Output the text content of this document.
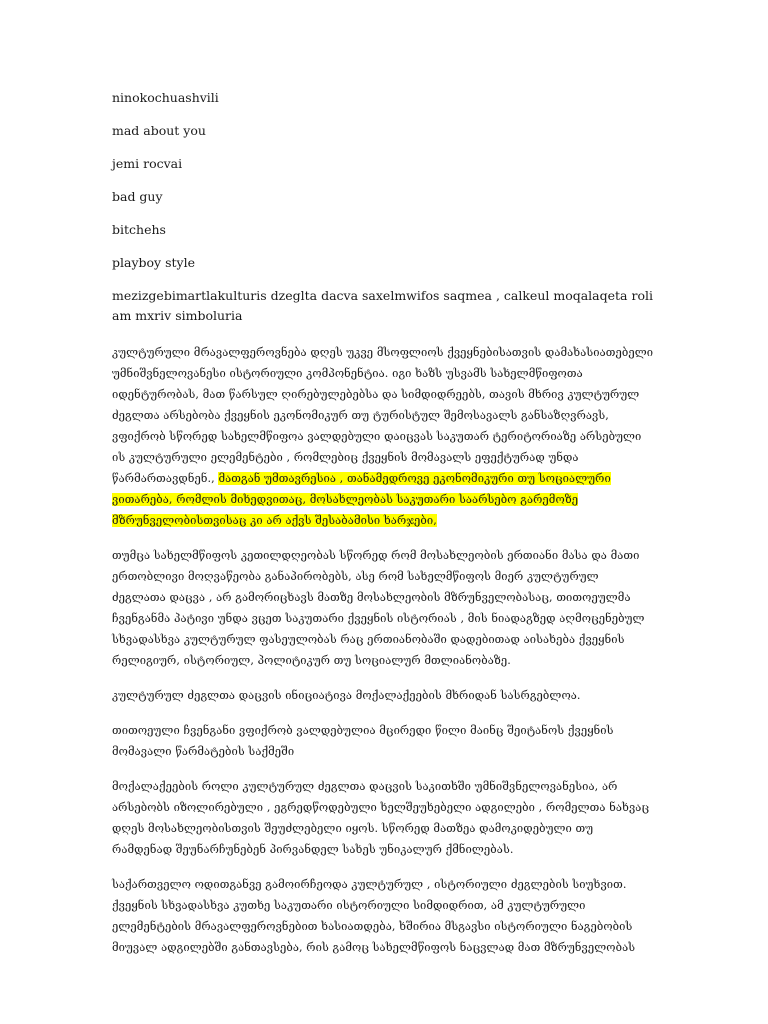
ninokochuashvili

mad about you

jemi rocvai

bad guy

bitchehs

playboy style

mezizgebimartlakulturis dzeglta dacva saxelmwifos saqmea , calkeul moqalaqeta roli am mxriv simboluria

კულტურული მრავალფეროვნება დღეს უკვე მსოფლიოს ქვეყნებისათვის დამახასიათებელი უმნიშვნელოვანესი ისტორიული კომპონენტია. იგი ხაზს უსვამს სახელმწიფოთა იდენტურობას, მათ წარსულ ღირებულებებსა და სიმდიდრეებს, თავის მხრივ კულტურულ ძეგლთა არსებობა ქვეყნის ეკონომიკურ თუ ტურისტულ შემოსავალს განსაზღვრავს, ვფიქრობ სწორედ სახელმწიფოა ვალდებული დაიცვას საკუთარ ტერიტორიაზე არსებული ის კულტურული ელემენტები , რომლებიც ქვეყნის მომავალს ეფექტურად უნდა წარმართავდნენ., მათგან უმთავრესია , თანამედროვე ეკონომიკური თუ სოციალური ვითარება, რომლის მიხედვითაც, მოსახლეობას საკუთარი საარსებო გარემოზე მზრუნველობისთვისაც კი არ აქვს შესაბამისი ხარჯები,

თუმცა სახელმწიფოს კეთილდღეობას სწორედ რომ მოსახლეობის ერთიანი მასა და მათი ერთობლივი მოღვაწეობა განაპირობებს, ასე რომ სახელმწიფოს მიერ კულტურულ ძეგლათა დაცვა , არ გამორიცხავს მათზე მოსახლეობის მზრუნველობასაც, თითოეულმა ჩვენგანმა პატივი უნდა ვცეთ საკუთარი ქვეყნის ისტორიას , მის ნიადაგზედ აღმოცენებულ სხვადასხვა კულტურულ ფასეულობას რაც ერთიანობაში დადებითად აისახება ქვეყნის რელიგიურ, ისტორიულ, პოლიტიკურ თუ სოციალურ მთლიანობაზე.

კულტურულ ძეგლთა დაცვის ინიციატივა მოქალაქეების მხრიდან სასრგებლოა.

თითოეული ჩვენგანი ვფიქრობ ვალდებულია მცირედი წილი მაინც შეიტანოს ქვეყნის მომავალი წარმატების საქმეში

მოქალაქეების როლი კულტურულ ძეგლთა დაცვის საკითხში უმნიშვნელოვანესია, არ არსებობს იზოლირებული , ეგრედწოდებული ხელშეუხებელი ადგილები , რომელთა ნახვაც დღეს მოსახლეობისთვის შეუძლებელი იყოს. სწორედ მათზეა დამოკიდებული თუ რამდენად შეუნარჩუნებენ პირვანდელ სახეს უნიკალურ ქმნილებას.

საქართველო ოდითგანვე გამოირჩეოდა კულტურულ , ისტორიული ძეგლების სიუხვით. ქვეყნის სხვადასხვა კუთხე საკუთარი ისტორიული სიმდიდრით, ამ კულტურული ელემენტების მრავალფეროვნებით ხასიათდება, ხშირია მსგავსი ისტორიული ნაგებობის მიუვალ ადგილებში განთავსება, რის გამოც სახელმწიფოს ნაცვლად მათ მზრუნველობას
